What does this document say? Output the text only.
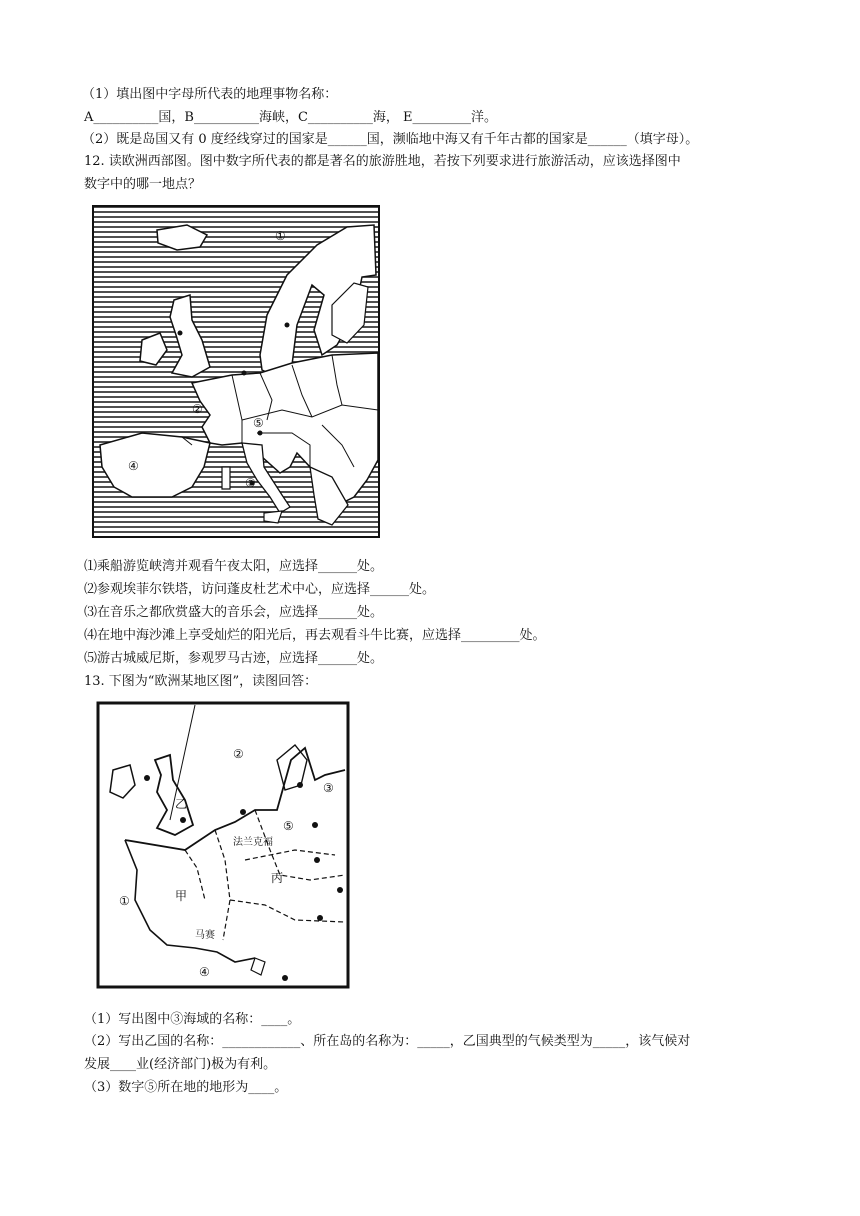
（1）填出图中字母所代表的地理事物名称：
A__________国，B__________海峡，C__________海， E_________洋。
（2）既是岛国又有 0 度经线穿过的国家是______国，濒临地中海又有千年古都的国家是______（填字母）。
12. 读欧洲西部图。图中数字所代表的都是著名的旅游胜地，若按下列要求进行旅游活动，应该选择图中
数字中的哪一地点？
①
②
⑤
③
④
⑴乘船游览峡湾并观看午夜太阳，应选择______处。
⑵参观埃菲尔铁塔，访问蓬皮杜艺术中心，应选择______处。
⑶在音乐之都欣赏盛大的音乐会，应选择______处。
⑷在地中海沙滩上享受灿烂的阳光后，再去观看斗牛比赛，应选择_________处。
⑸游古城威尼斯，参观罗马古迹，应选择______处。
13. 下图为“欧洲某地区图”，读图回答：
②
③
乙
⑤
法兰克福
丙
甲
①
马赛
④
（1）写出图中③海域的名称：____。
（2）写出乙国的名称：____________、所在岛的名称为：_____，乙国典型的气候类型为_____，该气候对
发展____业(经济部门)极为有利。
（3）数字⑤所在地的地形为____。
